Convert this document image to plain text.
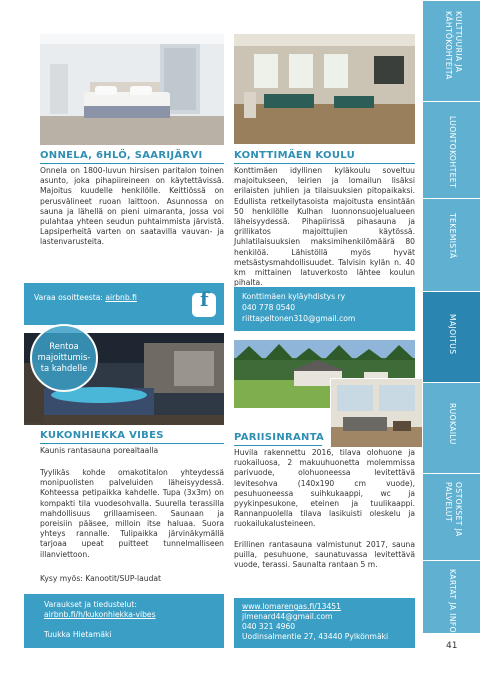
ONNELA, 6HLÖ, SAARIJÄRVI

Onnela on 1800-luvun hirsisen paritalon toinen asunto, joka pihapiireineen on käytettävissä. Majoitus kuudelle henkilölle. Keittiössä on perusvälineet ruoan laittoon. Asunnossa on sauna ja lähellä on pieni uimaranta, jossa voi pulahtaa yhteen seudun puhtaimmista järvistä. Lapsiperheitä varten on saatavilla vauvan- ja lastenvarusteita.

Varaa osoitteesta: airbnb.fi	f
Rentoa
majoittumis-
ta kahdelle
KUKONHIEKKA VIBES
Kaunis rantasauna porealtaalla

Tyylikäs kohde omakotitalon yhteydessä monipuolisten palveluiden läheisyydessä. Kohteessa petipaikka kahdelle. Tupa (3x3m) on kompakti tila vuodesohvalla. Suurella terassilla mahdollisuus grillaamiseen. Saunaan ja poreisiin pääsee, milloin itse haluaa. Suora yhteys rannalle. Tulipaikka järvinäkymällä tarjoaa upeat puitteet tunnelmalliseen illanviettoon.

Kysy myös: Kanootit/SUP-laudat
Varaukset ja tiedustelut:
airbnb.fi/h/kukonhiekka-vibes
Tuukka Hietamäki
KONTTIMÄEN KOULU

Konttimäen idyllinen kyläkoulu soveltuu majoitukseen, leirien ja lomailun lisäksi erilaisten juhlien ja tilaisuuksien pitopaikaksi. Edullista retkeilytasoista majoitusta ensintään 50 henkilölle Kulhan luonnonsuojelualueen läheisyydessä. Pihapiirissä pihasauna ja grillikatos majoittujien käytössä. Juhlatilaisuuksien maksimihenkilömäärä 80 henkilöä. Lähistöllä myös hyvät metsästysmahdollisuudet. Talvisin kylän n. 40 km mittainen latuverkosto lähtee koulun pihalta.

Konttimäen kyläyhdistys ry
040 778 0540
riittapeltonen310@gmail.com
PARIISINRANTA

Huvila rakennettu 2016, tilava olohuone ja ruokailuosa, 2 makuuhuonetta molemmissa parivuode, olohuoneessa levitettävä levitesohva (140x190 cm vuode), pesuhuoneessa suihkukaappi, wc ja pyykinpesukone, eteinen ja tuulikaappi. Rannanpuolella tilava lasikuisti oleskelu ja ruokailukalusteineen.

Erillinen rantasauna valmistunut 2017, sauna puilla, pesuhuone, saunatuvassa levitettävä vuode, terassi. Saunalta rantaan 5 m.

www.lomarengas.fi/13451
jlmenard44@gmail.com
040 321 4960
Uodinsalmentie 27, 43440 Pylkönmäki
KULTTUURIA JA KÄHTÖKOHTEITA
LUONTOKOHTEET
TEKEMISTÄ
MAJOITUS
RUOKAILU
OSTOKSET JA PALVELUT
KARTAT JA INFO
41
